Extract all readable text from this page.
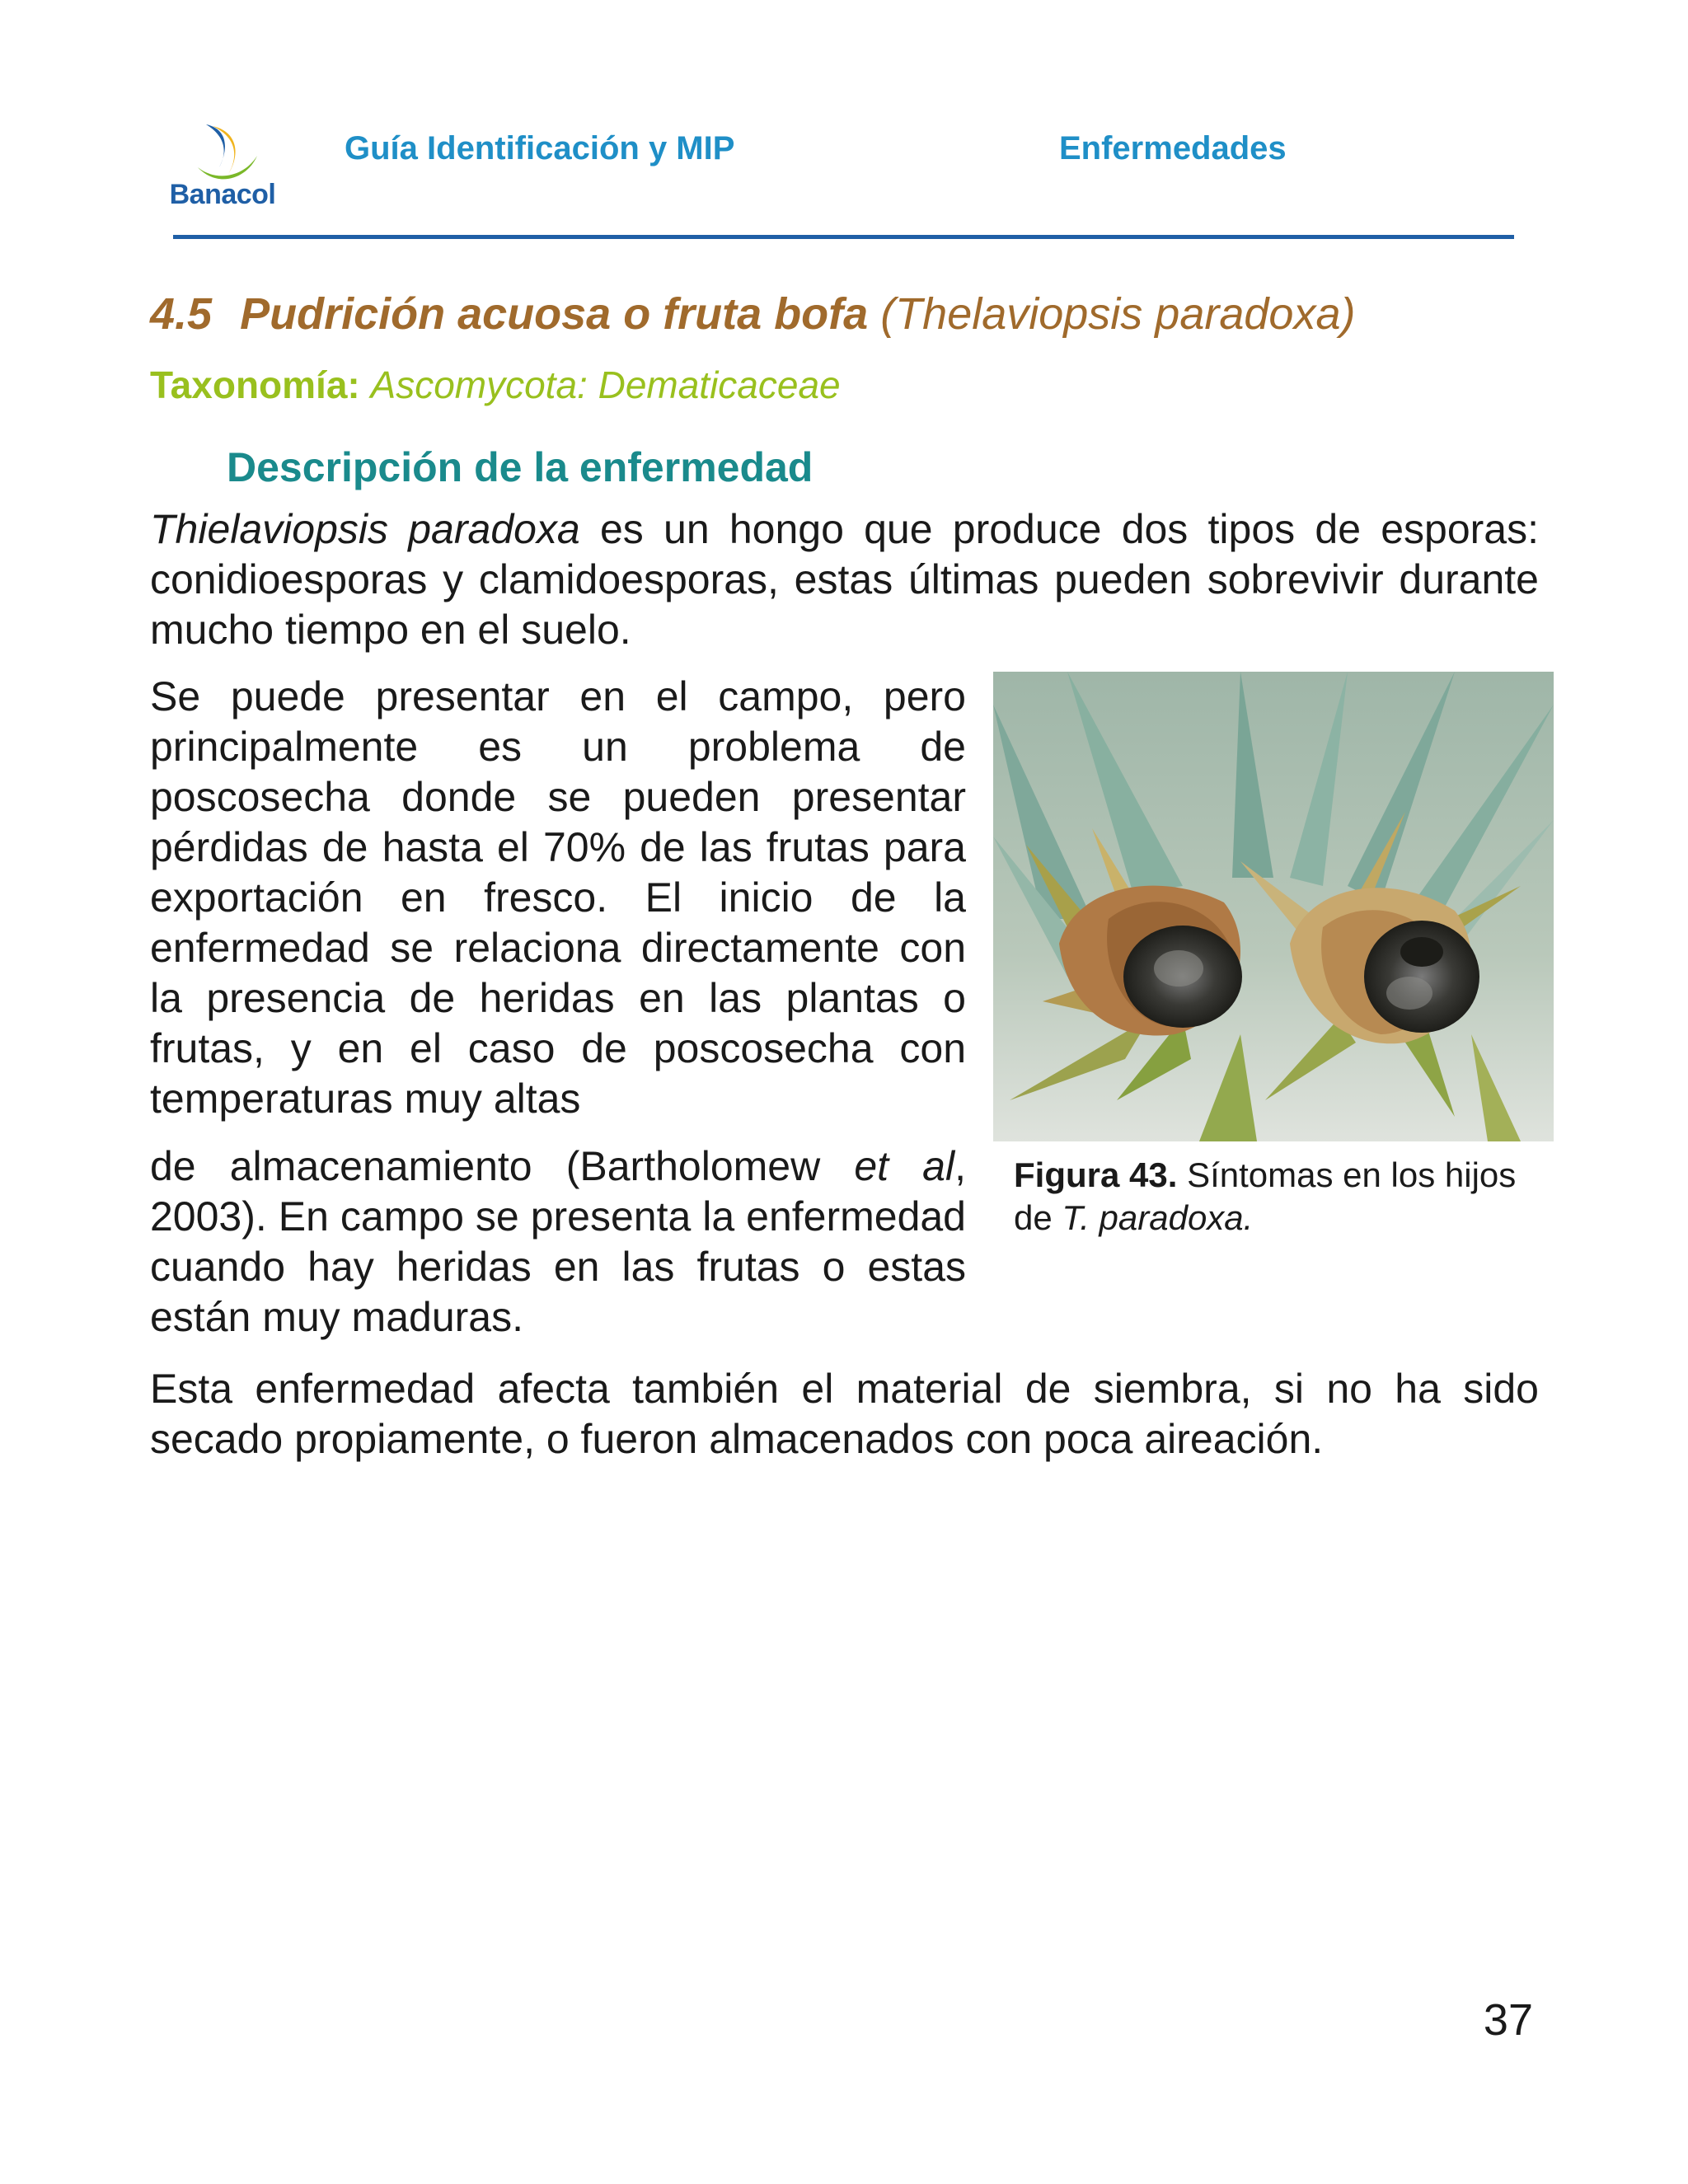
Banacol
Guía Identificación y MIP	Enfermedades
4.5 Pudrición acuosa o fruta bofa (Thelaviopsis paradoxa)
Taxonomía: Ascomycota: Dematicaceae
Descripción de la enfermedad
Thielaviopsis paradoxa es un hongo que produce dos tipos de esporas: conidioesporas y clamidoesporas, estas últimas pueden sobrevivir durante mucho tiempo en el suelo.
Se puede presentar en el campo, pero principalmente es un problema de poscosecha donde se pueden presentar pérdidas de hasta el 70% de las frutas para exportación en fresco. El inicio de la enfermedad se relaciona directamente con la presencia de heridas en las plantas o frutas, y en el caso de poscosecha con temperaturas muy altas
de almacenamiento (Bartholomew et al, 2003). En campo se presenta la enfermedad cuando hay heridas en las frutas o estas están muy maduras.
Esta enfermedad afecta también el material de siembra, si no ha sido secado propiamente, o fueron almacenados con poca aireación.
Figura 43. Síntomas en los hijos de T. paradoxa.
37
